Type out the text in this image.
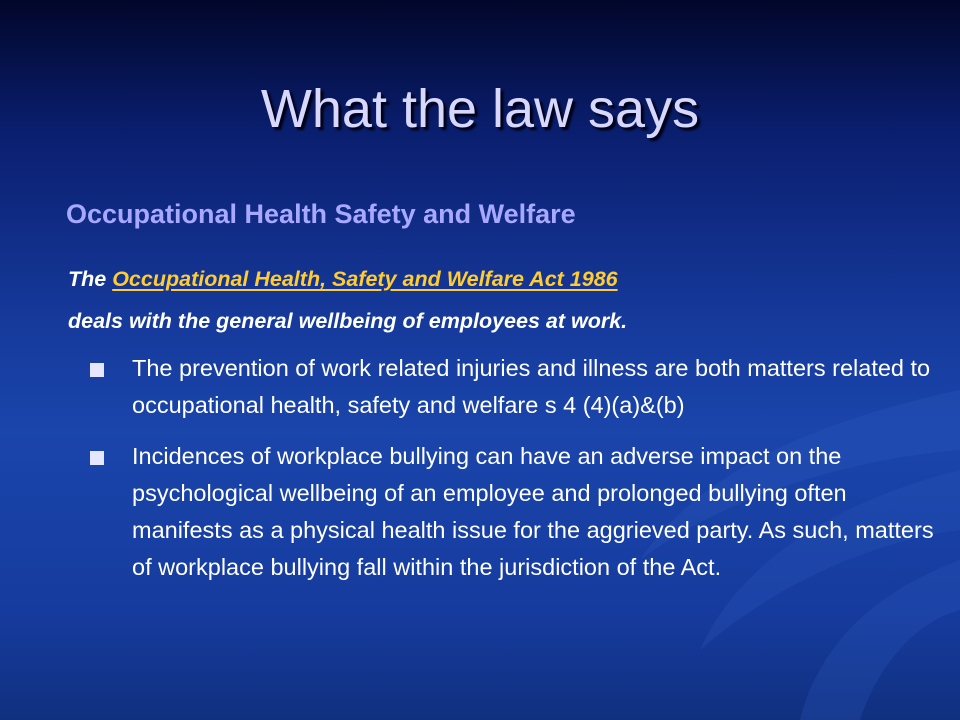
What the law says
Occupational Health Safety and Welfare
The Occupational Health, Safety and Welfare Act 1986
deals with the general wellbeing of employees at work.
The prevention of work related injuries and illness are both matters related to occupational health, safety and welfare s 4 (4)(a)&(b)
Incidences of workplace bullying can have an adverse impact on the psychological wellbeing of an employee and prolonged bullying often manifests as a physical health issue for the aggrieved party. As such, matters of workplace bullying fall within the jurisdiction of the Act.
